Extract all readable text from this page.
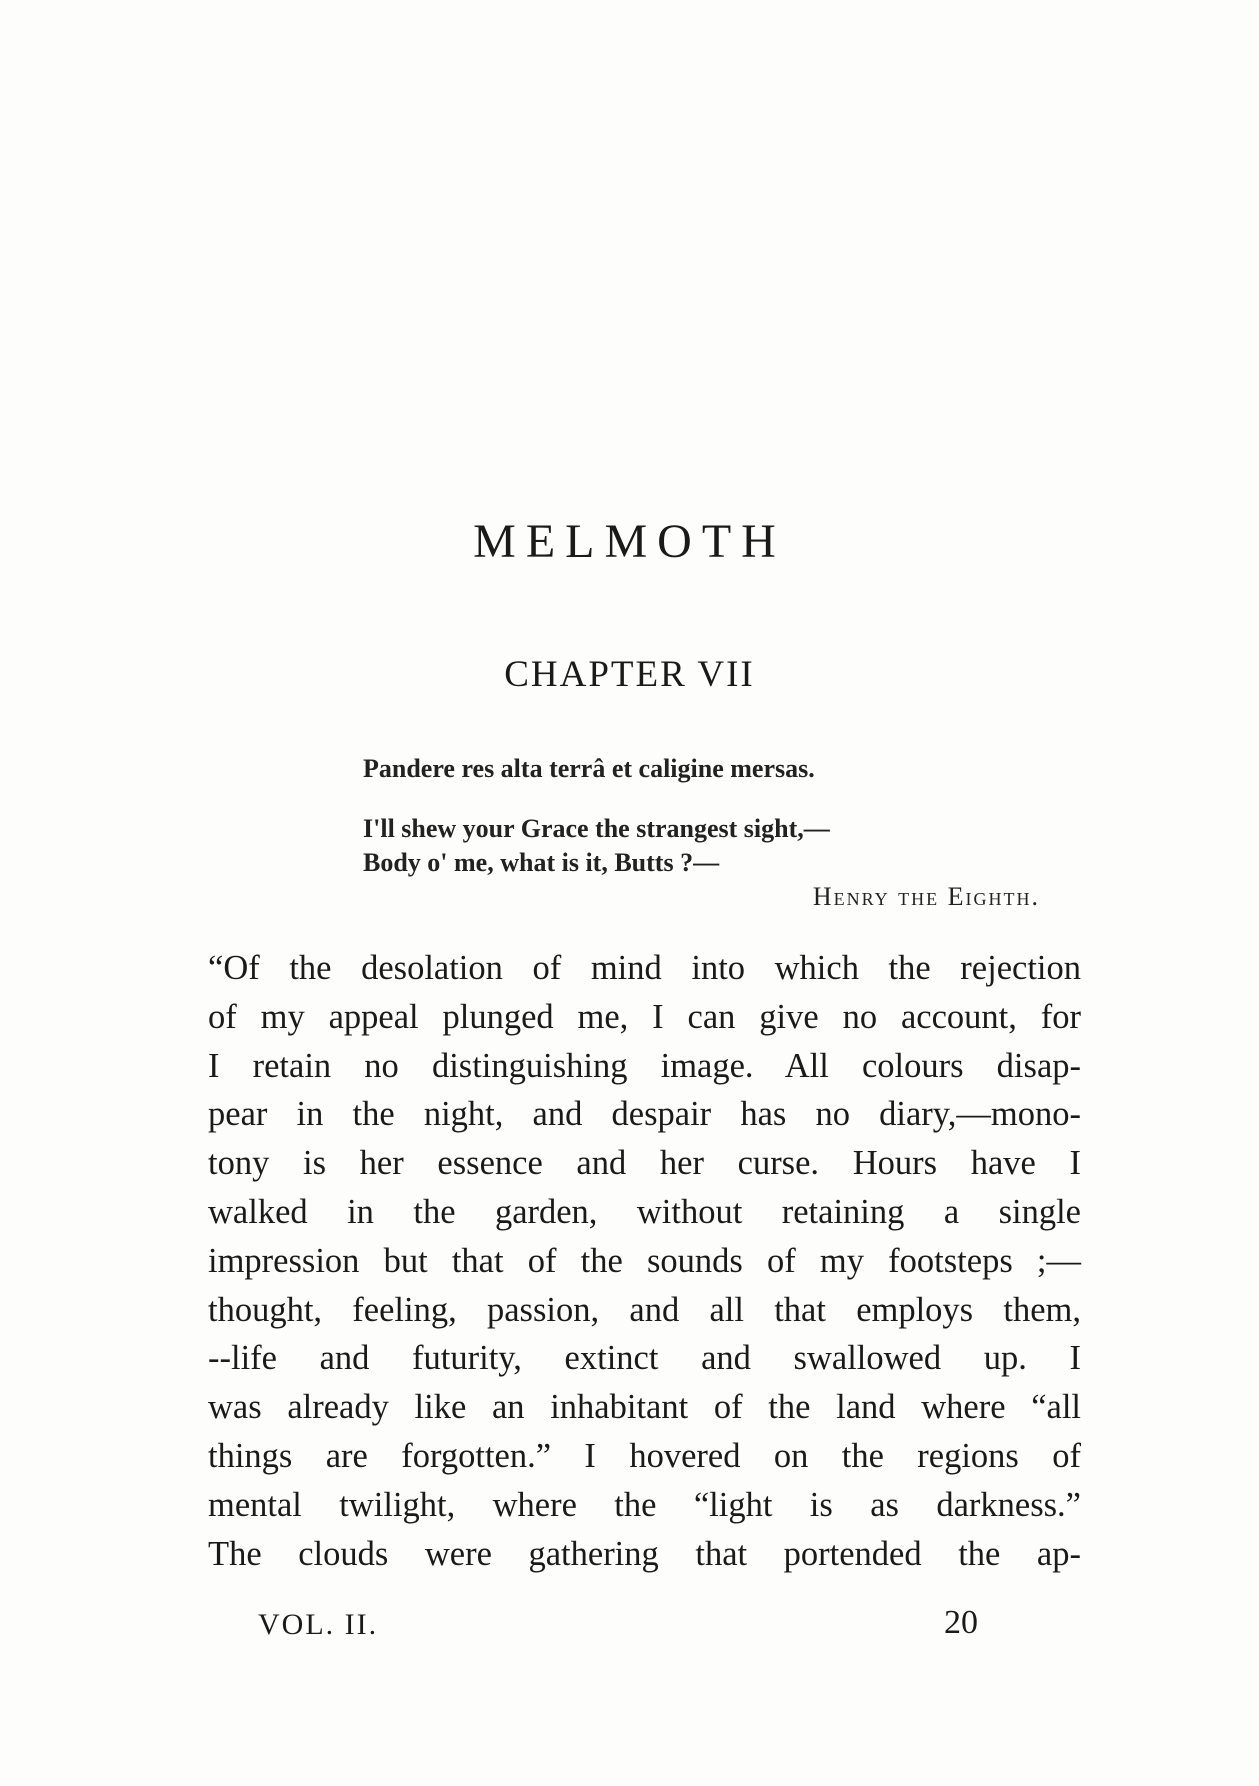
MELMOTH
CHAPTER VII

Pandere res alta terrâ et caligine mersas.

I'll shew your Grace the strangest sight,—

Body o' me, what is it, Butts ?—

Henry the Eighth.

“Of the desolation of mind into which the rejection
of my appeal plunged me, I can give no account, for
I retain no distinguishing image. All colours disap-
pear in the night, and despair has no diary,—mono-
tony is her essence and her curse. Hours have I
walked in the garden, without retaining a single
impression but that of the sounds of my footsteps ;—
thought, feeling, passion, and all that employs them,
--life and futurity, extinct and swallowed up. I
was already like an inhabitant of the land where “all
things are forgotten.” I hovered on the regions of
mental twilight, where the “light is as darkness.”
The clouds were gathering that portended the ap-
VOL. II.	20
